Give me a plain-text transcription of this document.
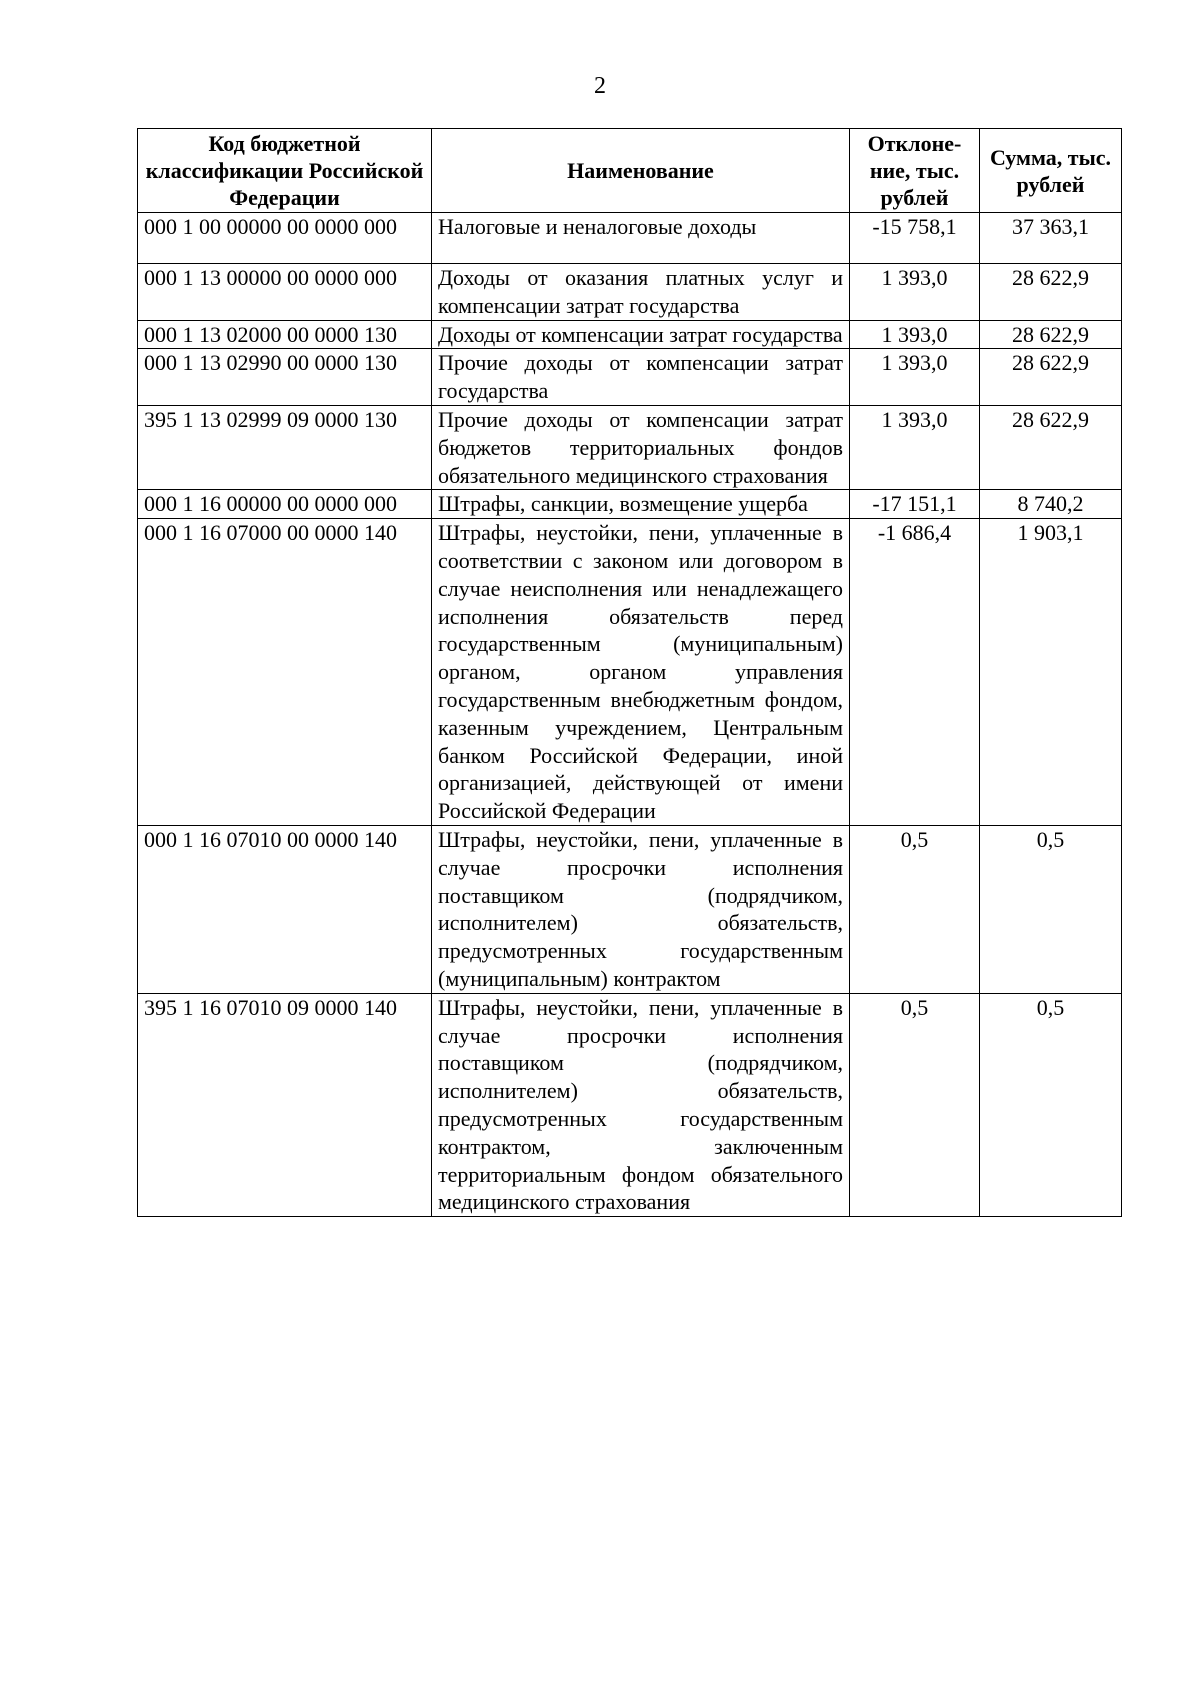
2
Код бюджетной классификации Российской Федерации	Наименование	Отклоне-ние, тыс. рублей	Сумма, тыс. рублей
000 1 00 00000 00 0000 000	Налоговые и неналоговые доходы	-15 758,1	37 363,1
000 1 13 00000 00 0000 000	Доходы от оказания платных услуг и компенсации затрат государства	1 393,0	28 622,9
000 1 13 02000 00 0000 130	Доходы от компенсации затрат государства	1 393,0	28 622,9
000 1 13 02990 00 0000 130	Прочие доходы от компенсации затрат государства	1 393,0	28 622,9
395 1 13 02999 09 0000 130	Прочие доходы от компенсации затрат бюджетов территориальных фондов обязательного медицинского страхования	1 393,0	28 622,9
000 1 16 00000 00 0000 000	Штрафы, санкции, возмещение ущерба	-17 151,1	8 740,2
000 1 16 07000 00 0000 140	Штрафы, неустойки, пени, уплаченные в соответствии с законом или договором в случае неисполнения или ненадлежащего исполнения обязательств перед государственным (муниципальным) органом, органом управления государственным внебюджетным фондом, казенным учреждением, Центральным банком Российской Федерации, иной организацией, действующей от имени Российской Федерации	-1 686,4	1 903,1
000 1 16 07010 00 0000 140	Штрафы, неустойки, пени, уплаченные в случае просрочки исполнения поставщиком (подрядчиком, исполнителем) обязательств, предусмотренных государственным (муниципальным) контрактом	0,5	0,5
395 1 16 07010 09 0000 140	Штрафы, неустойки, пени, уплаченные в случае просрочки исполнения поставщиком (подрядчиком, исполнителем) обязательств, предусмотренных государственным контрактом, заключенным территориальным фондом обязательного медицинского страхования	0,5	0,5
